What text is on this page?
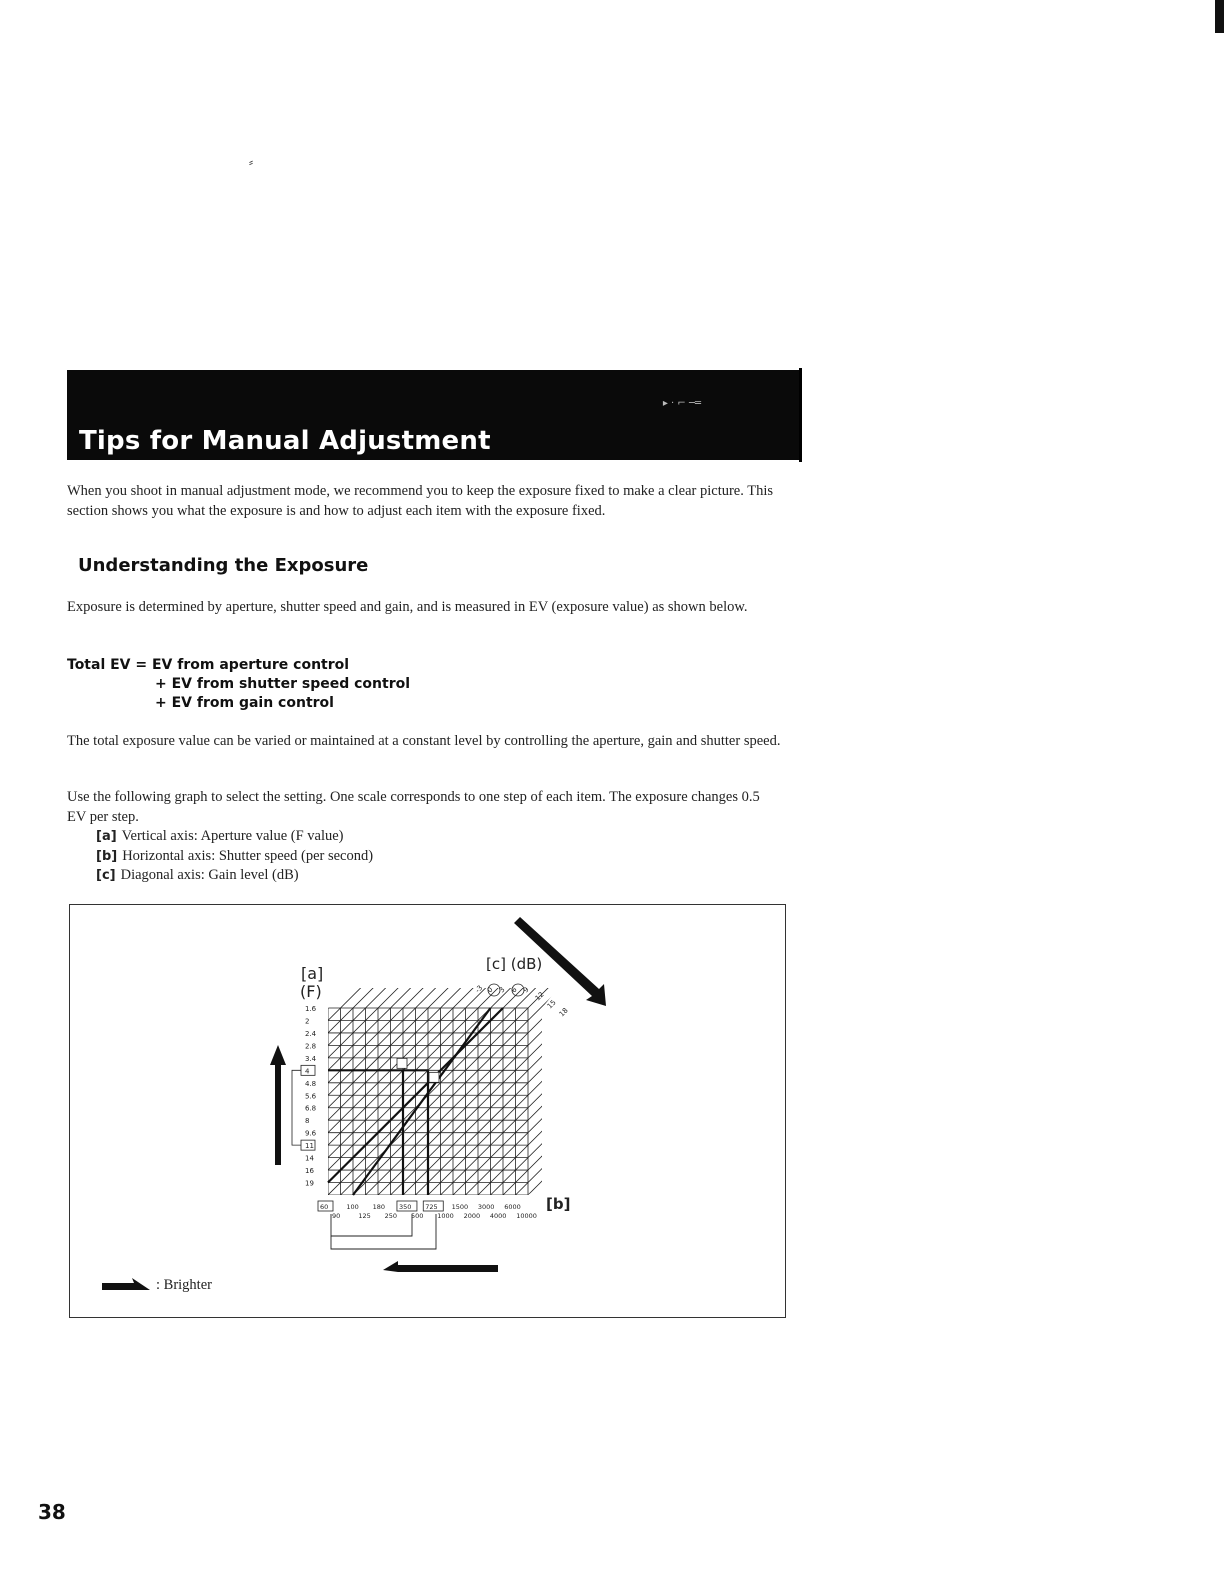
⸗
▸ · ⌐ ─═
Tips for Manual Adjustment

When you shoot in manual adjustment mode, we recommend you to keep the exposure fixed to make a clear picture. This section shows you what the exposure is and how to adjust each item with the exposure fixed.

Understanding the Exposure

Exposure is determined by aperture, shutter speed and gain, and is measured in EV (exposure value) as shown below.

Total EV = EV from aperture control
+ EV from shutter speed control
+ EV from gain control

The total exposure value can be varied or maintained at a constant level by controlling the aperture, gain and shutter speed.

Use the following graph to select the setting. One scale corresponds to one step of each item. The exposure changes 0.5 EV per step.

[a] Vertical axis: Aperture value (F value)
[b] Horizontal axis: Shutter speed (per second)
[c] Diagonal axis: Gain level (dB)
[a]
(F)
[c] (dB)
[b]
1.6
2
2.4
2.8
3.4
4
4.8
5.6
6.8
8
9.6
11
14
16
19
60	100 180 350 725 1500 3000 6000
90	125 250 500 1000 2000 4000 10000
-3 0 3 6 9
12
15
18
: Brighter

38
